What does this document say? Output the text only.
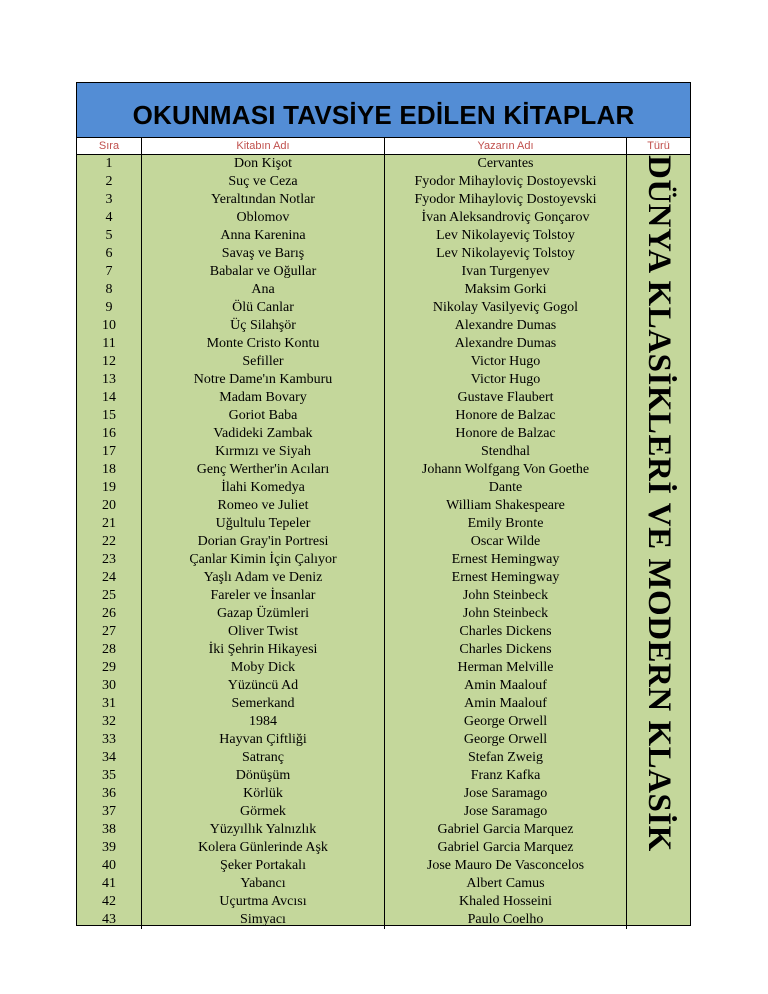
OKUNMASI TAVSİYE EDİLEN KİTAPLAR
Sıra	Kitabın Adı	Yazarın Adı	Türü
1	Don Kişot	Cervantes
2	Suç ve Ceza	Fyodor Mihayloviç Dostoyevski
3	Yeraltından Notlar	Fyodor Mihayloviç Dostoyevski
4	Oblomov	İvan Aleksandroviç Gonçarov
5	Anna Karenina	Lev Nikolayeviç Tolstoy
6	Savaş ve Barış	Lev Nikolayeviç Tolstoy
7	Babalar ve Oğullar	Ivan Turgenyev
8	Ana	Maksim Gorki
9	Ölü Canlar	Nikolay Vasilyeviç Gogol
10	Üç Silahşör	Alexandre Dumas
11	Monte Cristo Kontu	Alexandre Dumas
12	Sefiller	Victor Hugo
13	Notre Dame'ın Kamburu	Victor Hugo
14	Madam Bovary	Gustave Flaubert
15	Goriot Baba	Honore de Balzac
16	Vadideki Zambak	Honore de Balzac
17	Kırmızı ve Siyah	Stendhal
18	Genç Werther'in Acıları	Johann Wolfgang Von Goethe
19	İlahi Komedya	Dante
20	Romeo ve Juliet	William Shakespeare
21	Uğultulu Tepeler	Emily Bronte
22	Dorian Gray'in Portresi	Oscar Wilde
23	Çanlar Kimin İçin Çalıyor	Ernest Hemingway
24	Yaşlı Adam ve Deniz	Ernest Hemingway
25	Fareler ve İnsanlar	John Steinbeck
26	Gazap Üzümleri	John Steinbeck
27	Oliver Twist	Charles Dickens
28	İki Şehrin Hikayesi	Charles Dickens
29	Moby Dick	Herman Melville
30	Yüzüncü Ad	Amin Maalouf
31	Semerkand	Amin Maalouf
32	1984	George Orwell
33	Hayvan Çiftliği	George Orwell
34	Satranç	Stefan Zweig
35	Dönüşüm	Franz Kafka
36	Körlük	Jose Saramago
37	Görmek	Jose Saramago
38	Yüzyıllık Yalnızlık	Gabriel Garcia Marquez
39	Kolera Günlerinde Aşk	Gabriel Garcia Marquez
40	Şeker Portakalı	Jose Mauro De Vasconcelos
41	Yabancı	Albert Camus
42	Uçurtma Avcısı	Khaled Hosseini
43	Simyacı	Paulo Coelho
DÜNYA KLASİKLERİ VE MODERN KLASİK
